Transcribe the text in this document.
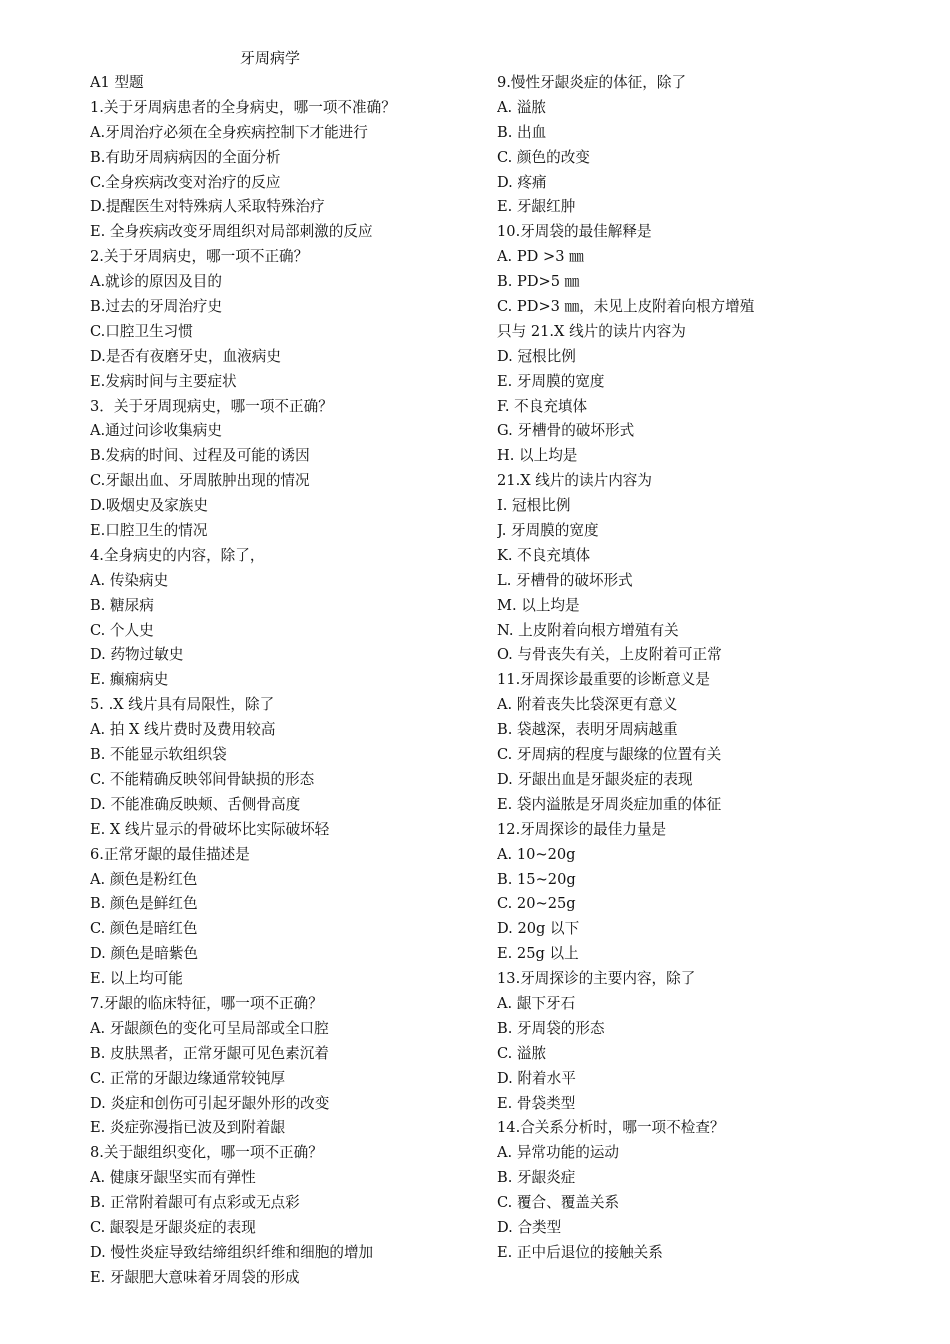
牙周病学
A1 型题
1.关于牙周病患者的全身病史，哪一项不准确？
A.牙周治疗必须在全身疾病控制下才能进行
B.有助牙周病病因的全面分析
C.全身疾病改变对治疗的反应
D.提醒医生对特殊病人采取特殊治疗
E. 全身疾病改变牙周组织对局部刺激的反应
2.关于牙周病史，哪一项不正确？
A.就诊的原因及目的
B.过去的牙周治疗史
C.口腔卫生习惯
D.是否有夜磨牙史，血液病史
E.发病时间与主要症状
3．关于牙周现病史，哪一项不正确？
A.通过问诊收集病史
B.发病的时间、过程及可能的诱因
C.牙龈出血、牙周脓肿出现的情况
D.吸烟史及家族史
E.口腔卫生的情况
4.全身病史的内容，除了，
A. 传染病史
B. 糖尿病
C. 个人史
D. 药物过敏史
E. 癫痫病史
5. .X 线片具有局限性，除了
A. 拍 X 线片费时及费用较高
B. 不能显示软组织袋
C. 不能精确反映邻间骨缺损的形态
D. 不能准确反映颊、舌侧骨高度
E. X 线片显示的骨破坏比实际破坏轻
6.正常牙龈的最佳描述是
A. 颜色是粉红色
B. 颜色是鲜红色
C. 颜色是暗红色
D. 颜色是暗紫色
E. 以上均可能
7.牙龈的临床特征，哪一项不正确？
A. 牙龈颜色的变化可呈局部或全口腔
B. 皮肤黑者，正常牙龈可见色素沉着
C. 正常的牙龈边缘通常较钝厚
D. 炎症和创伤可引起牙龈外形的改变
E. 炎症弥漫指已波及到附着龈
8.关于龈组织变化，哪一项不正确？
A. 健康牙龈坚实而有弹性
B. 正常附着龈可有点彩或无点彩
C. 龈裂是牙龈炎症的表现
D. 慢性炎症导致结缔组织纤维和细胞的增加
E. 牙龈肥大意味着牙周袋的形成
9.慢性牙龈炎症的体征，除了
A. 溢脓
B. 出血
C. 颜色的改变
D. 疼痛
E. 牙龈红肿
10.牙周袋的最佳解释是
A. PD >3 ㎜
B. PD>5 ㎜
C. PD>3 ㎜，未见上皮附着向根方增殖
只与 21.X 线片的读片内容为
D. 冠根比例
E. 牙周膜的宽度
F. 不良充填体
G. 牙槽骨的破坏形式
H. 以上均是
21.X 线片的读片内容为
I. 冠根比例
J. 牙周膜的宽度
K. 不良充填体
L. 牙槽骨的破坏形式
M. 以上均是
N. 上皮附着向根方增殖有关
O. 与骨丧失有关，上皮附着可正常
11.牙周探诊最重要的诊断意义是
A. 附着丧失比袋深更有意义
B. 袋越深，表明牙周病越重
C. 牙周病的程度与龈缘的位置有关
D. 牙龈出血是牙龈炎症的表现
E. 袋内溢脓是牙周炎症加重的体征
12.牙周探诊的最佳力量是
A. 10~20g
B. 15~20g
C. 20~25g
D. 20g 以下
E. 25g 以上
13.牙周探诊的主要内容，除了
A. 龈下牙石
B. 牙周袋的形态
C. 溢脓
D. 附着水平
E. 骨袋类型
14.合关系分析时，哪一项不检查？
A. 异常功能的运动
B. 牙龈炎症
C. 覆合、覆盖关系
D. 合类型
E. 正中后退位的接触关系
